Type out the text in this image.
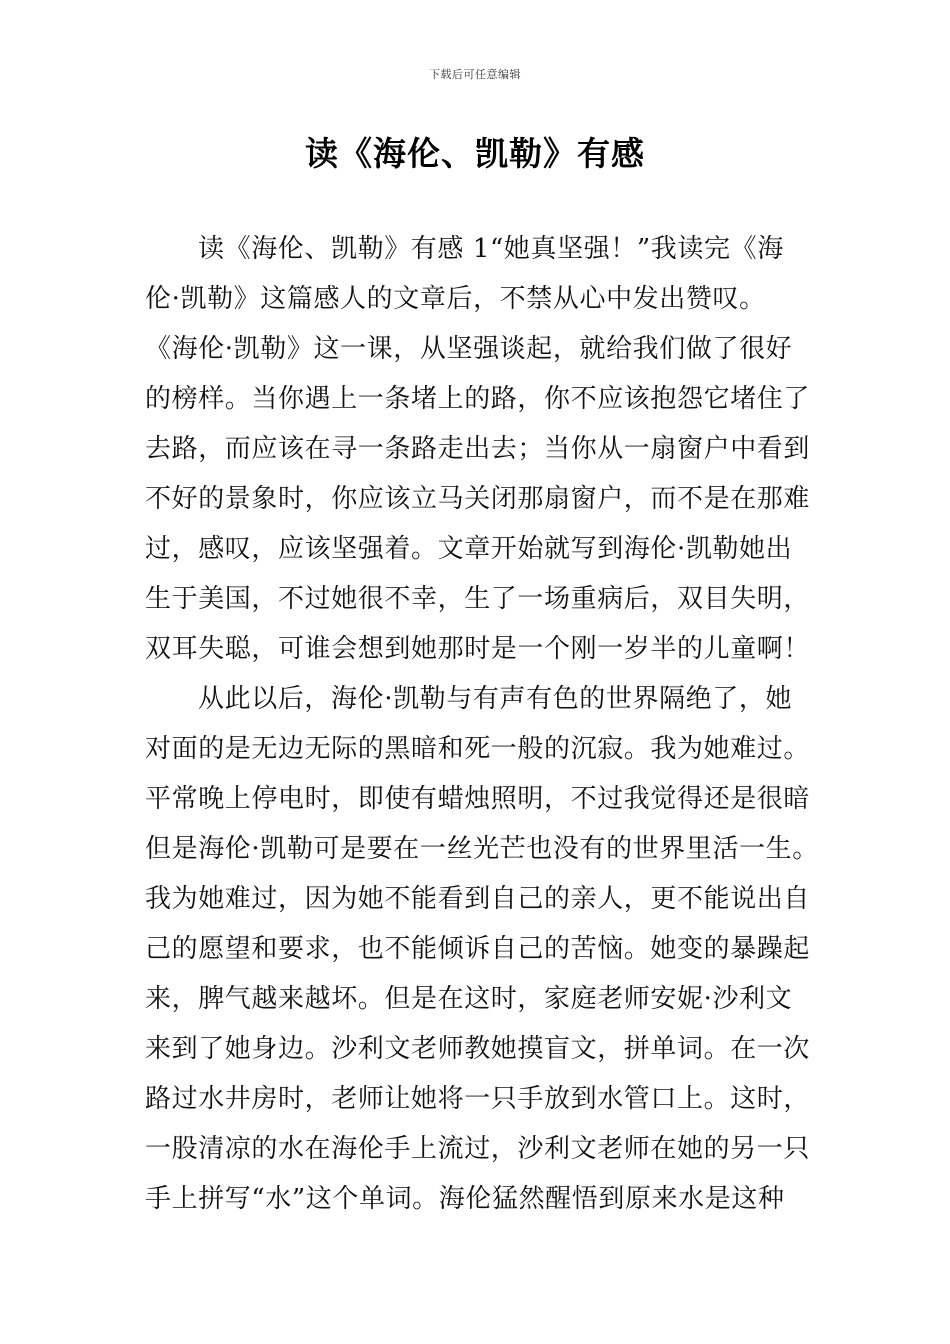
下载后可任意编辑
读《海伦、凯勒》有感
读《海伦、凯勒》有感 1“她真坚强！”我读完《海
伦·凯勒》这篇感人的文章后，不禁从心中发出赞叹。
《海伦·凯勒》这一课，从坚强谈起，就给我们做了很好
的榜样。当你遇上一条堵上的路，你不应该抱怨它堵住了
去路，而应该在寻一条路走出去；当你从一扇窗户中看到
不好的景象时，你应该立马关闭那扇窗户，而不是在那难
过，感叹，应该坚强着。文章开始就写到海伦·凯勒她出
生于美国，不过她很不幸，生了一场重病后，双目失明，
双耳失聪，可谁会想到她那时是一个刚一岁半的儿童啊！
从此以后，海伦·凯勒与有声有色的世界隔绝了，她
对面的是无边无际的黑暗和死一般的沉寂。我为她难过。
平常晚上停电时，即使有蜡烛照明，不过我觉得还是很暗
但是海伦·凯勒可是要在一丝光芒也没有的世界里活一生。
我为她难过，因为她不能看到自己的亲人，更不能说出自
己的愿望和要求，也不能倾诉自己的苦恼。她变的暴躁起
来，脾气越来越坏。但是在这时，家庭老师安妮·沙利文
来到了她身边。沙利文老师教她摸盲文，拼单词。在一次
路过水井房时，老师让她将一只手放到水管口上。这时，
一股清凉的水在海伦手上流过，沙利文老师在她的另一只
手上拼写“水”这个单词。海伦猛然醒悟到原来水是这种
